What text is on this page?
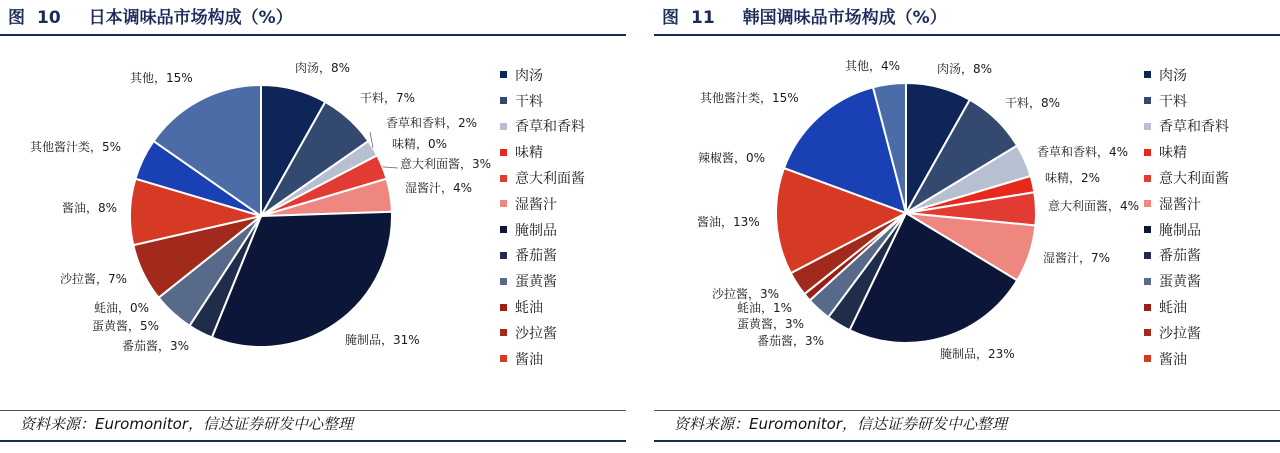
图 10 日本调味品市场构成（%）
肉汤，8%
干料，7%
香草和香料，2%
味精，0%
意大利面酱，3%
湿酱汁，4%
腌制品，31%
番茄酱，3%
蛋黄酱，5%
蚝油，0%
沙拉酱，7%
酱油，8%
其他酱汁类，5%
其他，15%	肉汤
干料
香草和香料
味精
意大利面酱
湿酱汁
腌制品
番茄酱
蛋黄酱
蚝油
沙拉酱
酱油
资料来源：Euromonitor，信达证券研发中心整理
图 11 韩国调味品市场构成（%）
肉汤，8%
干料，8%
香草和香料，4%
味精，2%
意大利面酱，4%
湿酱汁，7%
腌制品，23%
番茄酱，3%
蛋黄酱，3%
蚝油，1%
沙拉酱，3%
酱油，13%
辣椒酱，0%
其他酱汁类，15%
其他，4%
肉汤
干料
香草和香料
味精
意大利面酱
湿酱汁
腌制品
番茄酱
蛋黄酱
蚝油
沙拉酱
酱油
资料来源：Euromonitor，信达证券研发中心整理
